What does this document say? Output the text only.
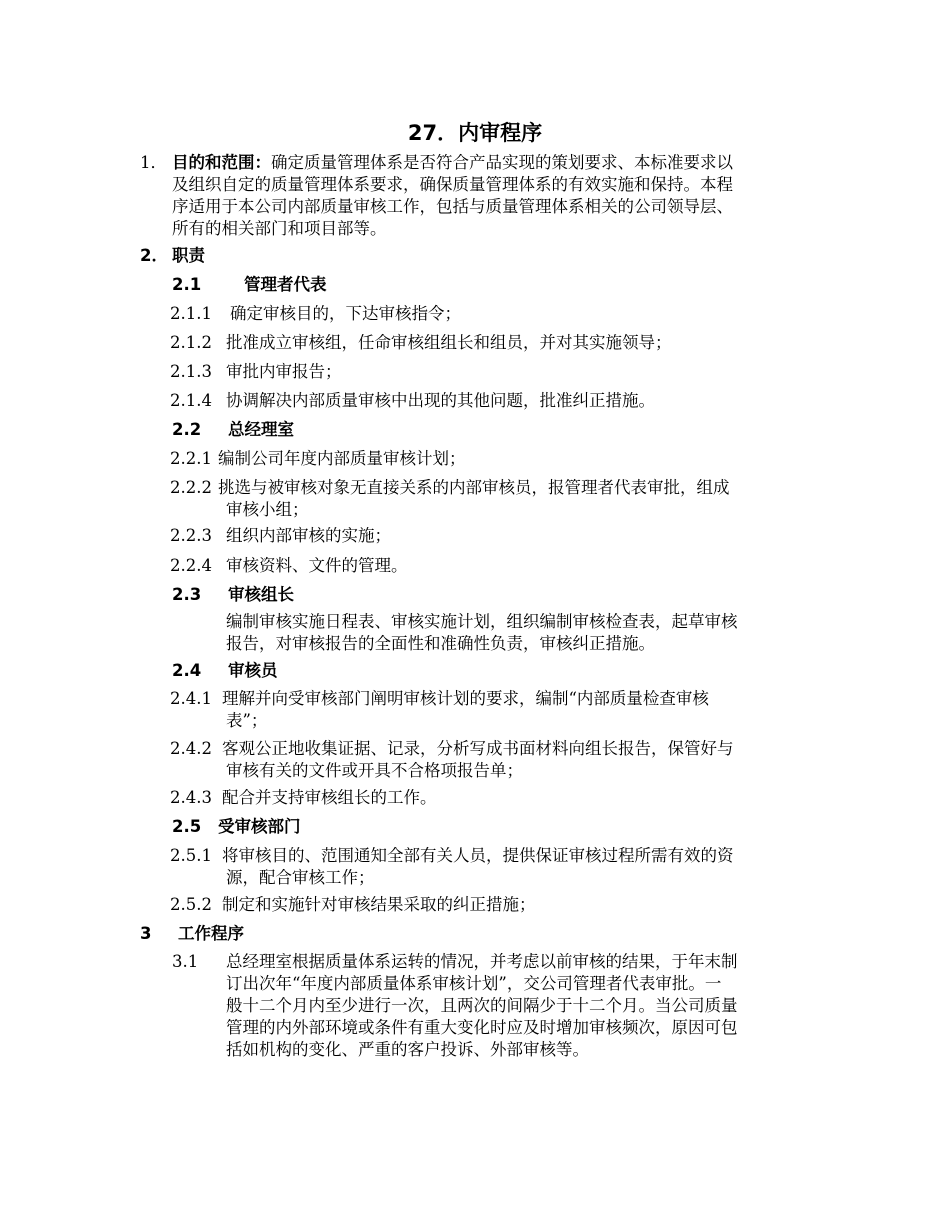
27．内审程序
1． 目的和范围：确定质量管理体系是否符合产品实现的策划要求、本标准要求以
及组织自定的质量管理体系要求，确保质量管理体系的有效实施和保持。本程
序适用于本公司内部质量审核工作，包括与质量管理体系相关的公司领导层、
所有的相关部门和项目部等。
2． 职责
2.1	管理者代表
2.1.1 确定审核目的，下达审核指令；
2.1.2 批准成立审核组，任命审核组组长和组员，并对其实施领导；
2.1.3 审批内审报告；
2.1.4 协调解决内部质量审核中出现的其他问题，批准纠正措施。
2.2 总经理室
2.2.1 编制公司年度内部质量审核计划；
2.2.2 挑选与被审核对象无直接关系的内部审核员，报管理者代表审批，组成
审核小组；
2.2.3 组织内部审核的实施；
2.2.4 审核资料、文件的管理。
2.3 审核组长
编制审核实施日程表、审核实施计划，组织编制审核检查表，起草审核
报告，对审核报告的全面性和准确性负责，审核纠正措施。
2.4 审核员
2.4.1 理解并向受审核部门阐明审核计划的要求，编制“内部质量检查审核
表”；
2.4.2 客观公正地收集证据、记录，分析写成书面材料向组长报告，保管好与
审核有关的文件或开具不合格项报告单；
2.4.3 配合并支持审核组长的工作。
2.5 受审核部门
2.5.1 将审核目的、范围通知全部有关人员，提供保证审核过程所需有效的资
源，配合审核工作；
2.5.2 制定和实施针对审核结果采取的纠正措施；
3 工作程序
3.1 总经理室根据质量体系运转的情况，并考虑以前审核的结果，于年末制
订出次年“年度内部质量体系审核计划”，交公司管理者代表审批。一
般十二个月内至少进行一次，且两次的间隔少于十二个月。当公司质量
管理的内外部环境或条件有重大变化时应及时增加审核频次，原因可包
括如机构的变化、严重的客户投诉、外部审核等。
